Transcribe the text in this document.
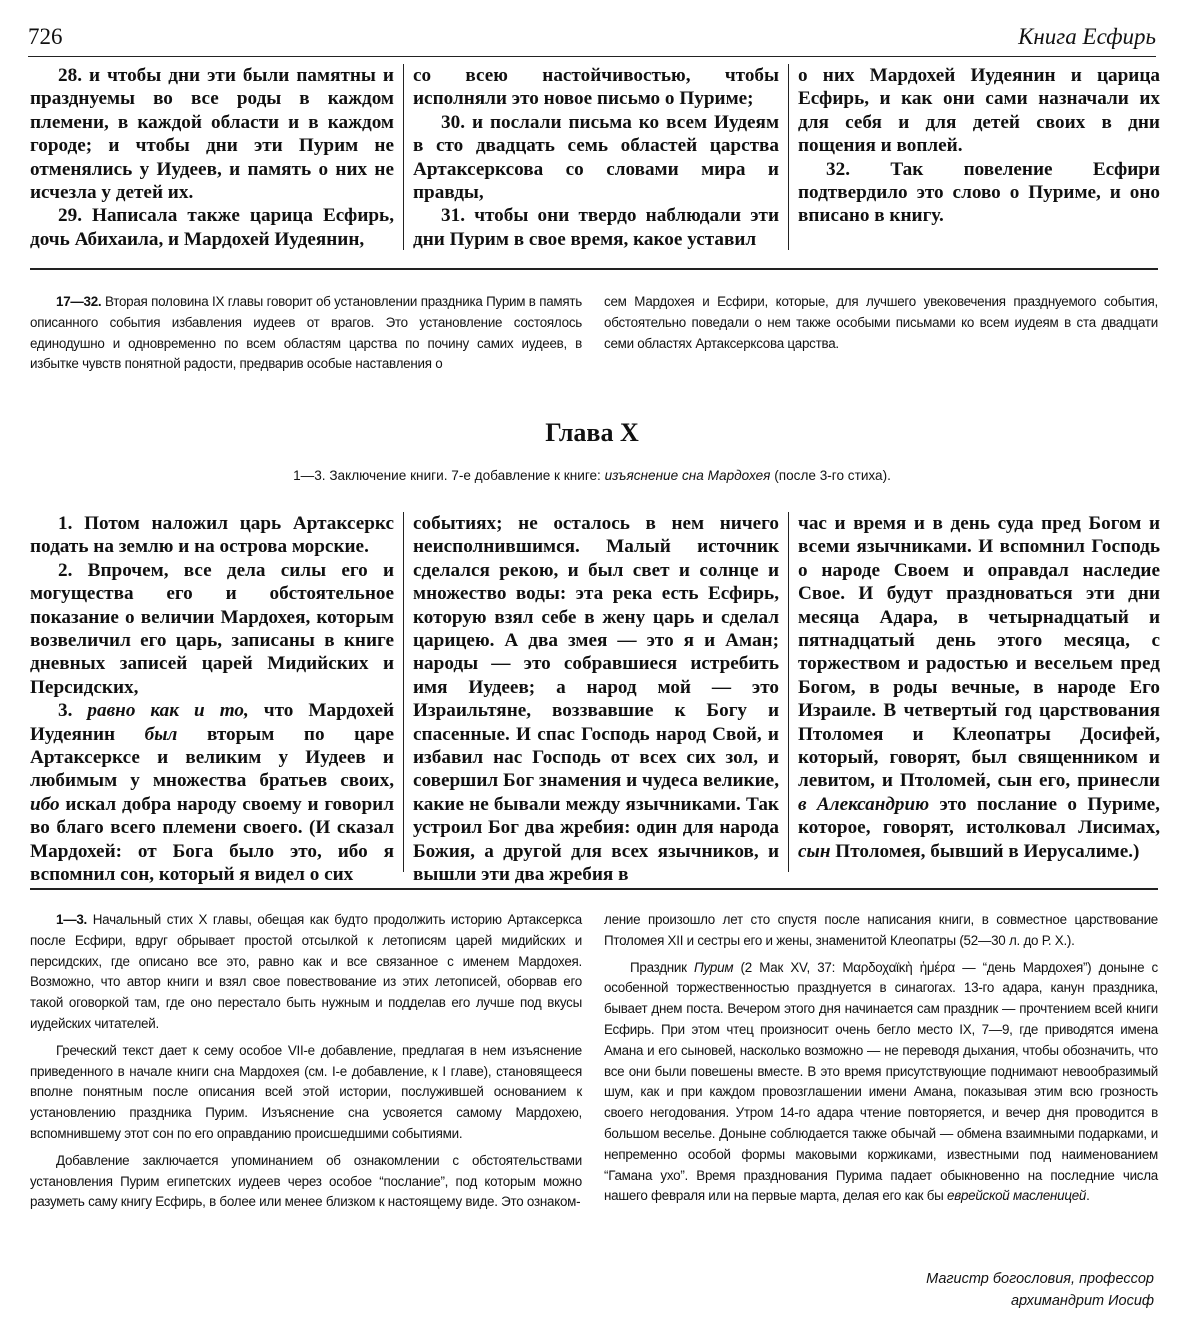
726	Книга Есфирь

28. и чтобы дни эти были памятны и празднуемы во все роды в каждом племени, в каждой области и в каждом городе; и чтобы дни эти Пурим не отменялись у Иудеев, и память о них не исчезла у детей их.

29. Написала также царица Есфирь, дочь Абихаила, и Мардохей Иудеянин,

со всею настойчивостью, чтобы исполняли это новое письмо о Пуриме;

30. и послали письма ко всем Иудеям в сто двадцать семь областей царства Артаксерксова со словами мира и правды,

31. чтобы они твердо наблюдали эти дни Пурим в свое время, какое уставил

о них Мардохей Иудеянин и царица Есфирь, и как они сами назначали их для себя и для детей своих в дни пощения и воплей.

32. Так повеление Есфири подтвердило это слово о Пуриме, и оно вписано в книгу.

17—32. Вторая половина IX главы говорит об установлении праздника Пурим в память описанного события избавления иудеев от врагов. Это установление состоялось единодушно и одновременно по всем областям царства по почину самих иудеев, в избытке чувств понятной радости, предварив особые наставления о

сем Мардохея и Есфири, которые, для лучшего увековечения празднуемого события, обстоятельно поведали о нем также особыми письмами ко всем иудеям в ста двадцати семи областях Артаксерксова царства.

Глава X
1—3. Заключение книги. 7-е добавление к книге: изъяснение сна Мардохея (после 3-го стиха).

1. Потом наложил царь Артаксеркс подать на землю и на острова морские.

2. Впрочем, все дела силы его и могущества его и обстоятельное показание о величии Мардохея, которым возвеличил его царь, записаны в книге дневных записей царей Мидийских и Персидских,

3. равно как и то, что Мардохей Иудеянин был вторым по царе Артаксерксе и великим у Иудеев и любимым у множества братьев своих, ибо искал добра народу своему и говорил во благо всего племени своего. (И сказал Мардохей: от Бога было это, ибо я вспомнил сон, который я видел о сих

событиях; не осталось в нем ничего неисполнившимся. Малый источник сделался рекою, и был свет и солнце и множество воды: эта река есть Есфирь, которую взял себе в жену царь и сделал царицею. А два змея — это я и Аман; народы — это собравшиеся истребить имя Иудеев; а народ мой — это Израильтяне, воззвавшие к Богу и спасенные. И спас Господь народ Свой, и избавил нас Господь от всех сих зол, и совершил Бог знамения и чудеса великие, какие не бывали между язычниками. Так устроил Бог два жребия: один для народа Божия, а другой для всех язычников, и вышли эти два жребия в

час и время и в день суда пред Богом и всеми язычниками. И вспомнил Господь о народе Своем и оправдал наследие Свое. И будут праздноваться эти дни месяца Адара, в четырнадцатый и пятнадцатый день этого месяца, с торжеством и радостью и весельем пред Богом, в роды вечные, в народе Его Израиле. В четвертый год царствования Птоломея и Клеопатры Досифей, который, говорят, был священником и левитом, и Птоломей, сын его, принесли в Александрию это послание о Пуриме, которое, говорят, истолковал Лисимах, сын Птоломея, бывший в Иерусалиме.)

1—3. Начальный стих X главы, обещая как будто продолжить историю Артаксеркса после Есфири, вдруг обрывает простой отсылкой к летописям царей мидийских и персидских, где описано все это, равно как и все связанное с именем Мардохея. Возможно, что автор книги и взял свое повествование из этих летописей, оборвав его такой оговоркой там, где оно перестало быть нужным и подделав его лучше под вкусы иудейских читателей.

Греческий текст дает к сему особое VII-е добавление, предлагая в нем изъяснение приведенного в начале книги сна Мардохея (см. I-е добавление, к I главе), становящееся вполне понятным после описания всей этой истории, послужившей основанием к установлению праздника Пурим. Изъяснение сна усвояется самому Мардохею, вспомнившему этот сон по его оправданию происшедшими событиями.

Добавление заключается упоминанием об ознакомлении с обстоятельствами установления Пурим египетских иудеев через особое “послание”, под которым можно разуметь саму книгу Есфирь, в более или менее близком к настоящему виде. Это ознаком-

ление произошло лет сто спустя после написания книги, в совместное царствование Птоломея XII и сестры его и жены, знаменитой Клеопатры (52—30 л. до Р. Х.).

Праздник Пурим (2 Мак XV, 37: Μαρδοχαϊκὴ ἡμέρα — “день Мардохея”) доныне с особенной торжественностью празднуется в синагогах. 13-го адара, канун праздника, бывает днем поста. Вечером этого дня начинается сам праздник — прочтением всей книги Есфирь. При этом чтец произносит очень бегло место IX, 7—9, где приводятся имена Амана и его сыновей, насколько возможно — не переводя дыхания, чтобы обозначить, что все они были повешены вместе. В это время присутствующие поднимают невообразимый шум, как и при каждом провозглашении имени Амана, показывая этим всю грозность своего негодования. Утром 14-го адара чтение повторяется, и вечер дня проводится в большом веселье. Доныне соблюдается также обычай — обмена взаимными подарками, и непременно особой формы маковыми коржиками, известными под наименованием “Гамана ухо”. Время празднования Пурима падает обыкновенно на последние числа нашего февраля или на первые марта, делая его как бы еврейской масленицей.

Магистр богословия, профессор
архимандрит Иосиф
